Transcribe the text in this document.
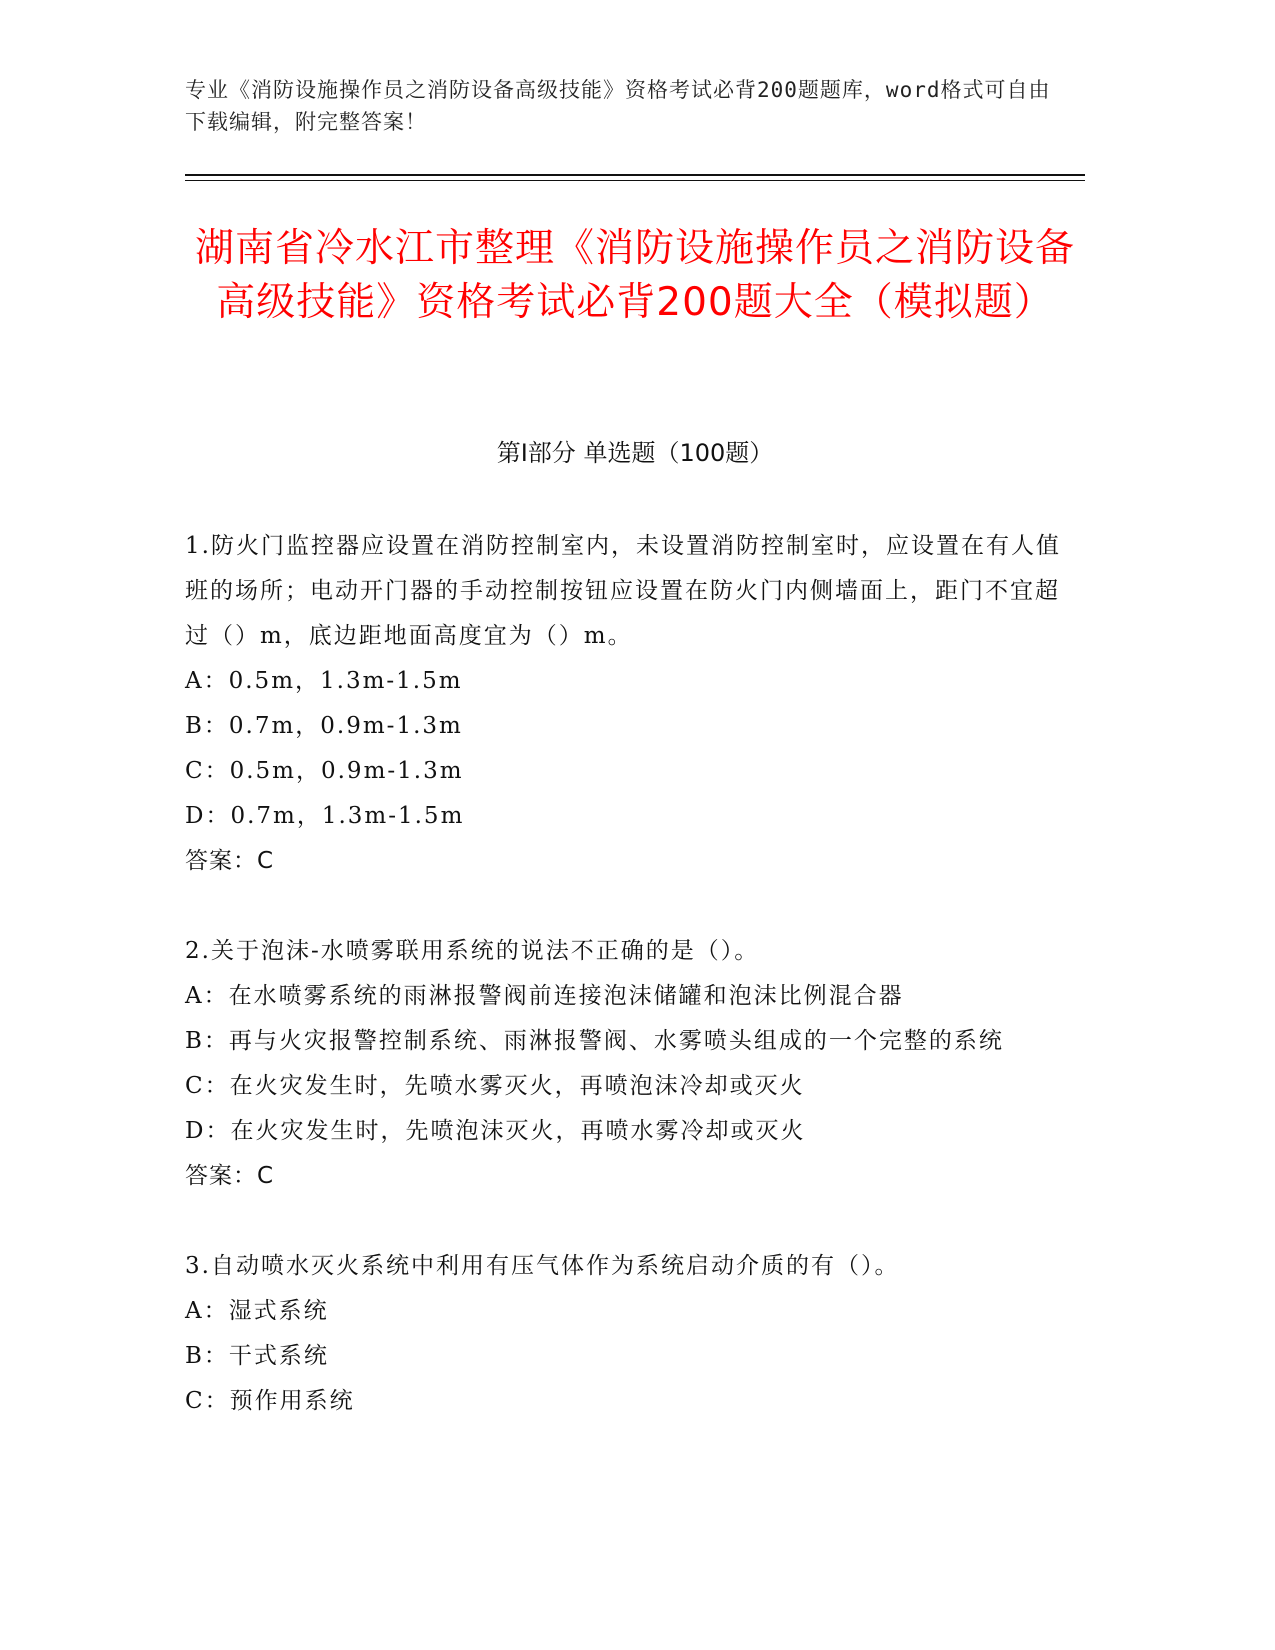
专业《消防设施操作员之消防设备高级技能》资格考试必背200题题库，word格式可自由下载编辑，附完整答案！
湖南省冷水江市整理《消防设施操作员之消防设备高级技能》资格考试必背200题大全（模拟题）
第Ⅰ部分 单选题（100题）

1.防火门监控器应设置在消防控制室内，未设置消防控制室时，应设置在有人值班的场所；电动开门器的手动控制按钮应设置在防火门内侧墙面上，距门不宜超过（）m，底边距地面高度宜为（）m。

A：0.5m，1.3m-1.5m

B：0.7m，0.9m-1.3m

C：0.5m，0.9m-1.3m

D：0.7m，1.3m-1.5m

答案：C

2.关于泡沫-水喷雾联用系统的说法不正确的是（）。

A：在水喷雾系统的雨淋报警阀前连接泡沫储罐和泡沫比例混合器

B：再与火灾报警控制系统、雨淋报警阀、水雾喷头组成的一个完整的系统

C：在火灾发生时，先喷水雾灭火，再喷泡沫冷却或灭火

D：在火灾发生时，先喷泡沫灭火，再喷水雾冷却或灭火

答案：C

3.自动喷水灭火系统中利用有压气体作为系统启动介质的有（）。

A：湿式系统

B：干式系统

C：预作用系统
